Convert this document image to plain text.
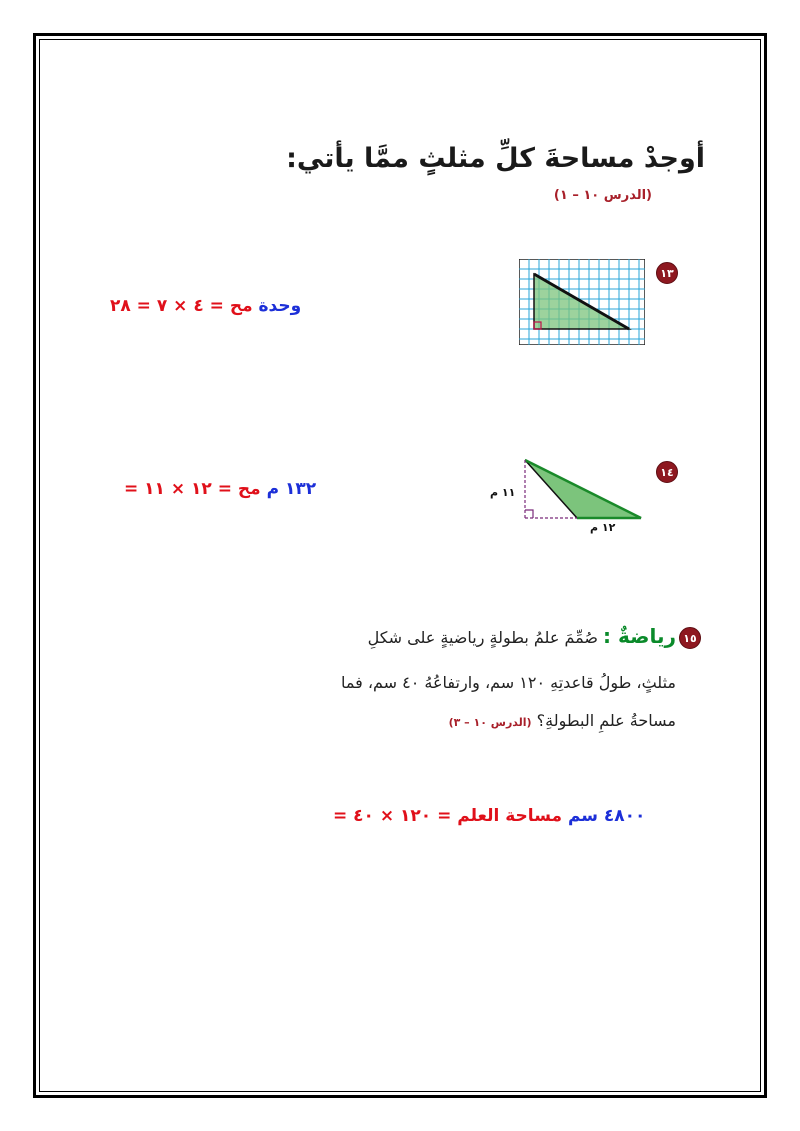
أوجدْ مساحةَ كلِّ مثلثٍ ممَّا يأتي:
(الدرس ١٠ – ١)
١٣
وحدة مح = ٤ × ٧ = ٢٨
١٤
١١ م
١٢ م
١٣٢ م مح = ١٢ × ١١ =
١٥
رياضةٌ : صُمِّمَ علمُ بطولةٍ رياضيةٍ على شكلِ
مثلثٍ، طولُ قاعدتِهِ ١٢٠ سم، وارتفاعُهُ ٤٠ سم، فما
مساحةُ علمِ البطولةِ؟ (الدرس ١٠ – ٣)
٤٨٠٠ سم مساحة العلم = ١٢٠ × ٤٠ =
